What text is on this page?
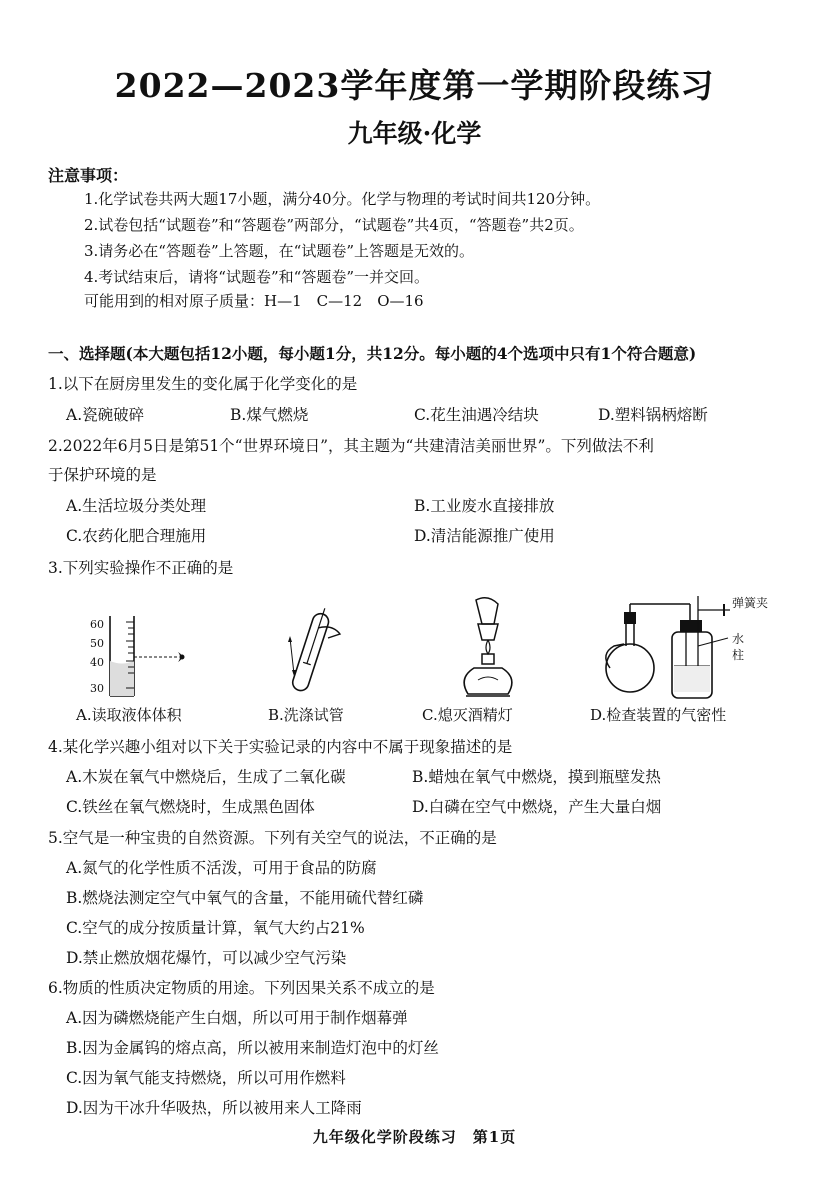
2022—2023学年度第一学期阶段练习
九年级·化学
注意事项：
1.化学试卷共两大题17小题，满分40分。化学与物理的考试时间共120分钟。
2.试卷包括“试题卷”和“答题卷”两部分，“试题卷”共4页，“答题卷”共2页。
3.请务必在“答题卷”上答题，在“试题卷”上答题是无效的。
4.考试结束后，请将“试题卷”和“答题卷”一并交回。
可能用到的相对原子质量：H—1　C—12　O—16
一、选择题(本大题包括12小题，每小题1分，共12分。每小题的4个选项中只有1个符合题意)
1.以下在厨房里发生的变化属于化学变化的是
A.瓷碗破碎	B.煤气燃烧	C.花生油遇冷结块	D.塑料锅柄熔断
2.2022年6月5日是第51个“世界环境日”，其主题为“共建清洁美丽世界”。下列做法不利
于保护环境的是
A.生活垃圾分类处理	B.工业废水直接排放
C.农药化肥合理施用	D.清洁能源推广使用
3.下列实验操作不正确的是
60
50
40
30
弹簧夹
水
柱
A.读取液体体积	B.洗涤试管	C.熄灭酒精灯	D.检查装置的气密性
4.某化学兴趣小组对以下关于实验记录的内容中不属于现象描述的是
A.木炭在氧气中燃烧后，生成了二氧化碳	B.蜡烛在氧气中燃烧，摸到瓶壁发热
C.铁丝在氧气燃烧时，生成黑色固体	D.白磷在空气中燃烧，产生大量白烟
5.空气是一种宝贵的自然资源。下列有关空气的说法，不正确的是
A.氮气的化学性质不活泼，可用于食品的防腐
B.燃烧法测定空气中氧气的含量，不能用硫代替红磷
C.空气的成分按质量计算，氧气大约占21%
D.禁止燃放烟花爆竹，可以减少空气污染
6.物质的性质决定物质的用途。下列因果关系不成立的是
A.因为磷燃烧能产生白烟，所以可用于制作烟幕弹
B.因为金属钨的熔点高，所以被用来制造灯泡中的灯丝
C.因为氧气能支持燃烧，所以可用作燃料
D.因为干冰升华吸热，所以被用来人工降雨
九年级化学阶段练习　第1页
